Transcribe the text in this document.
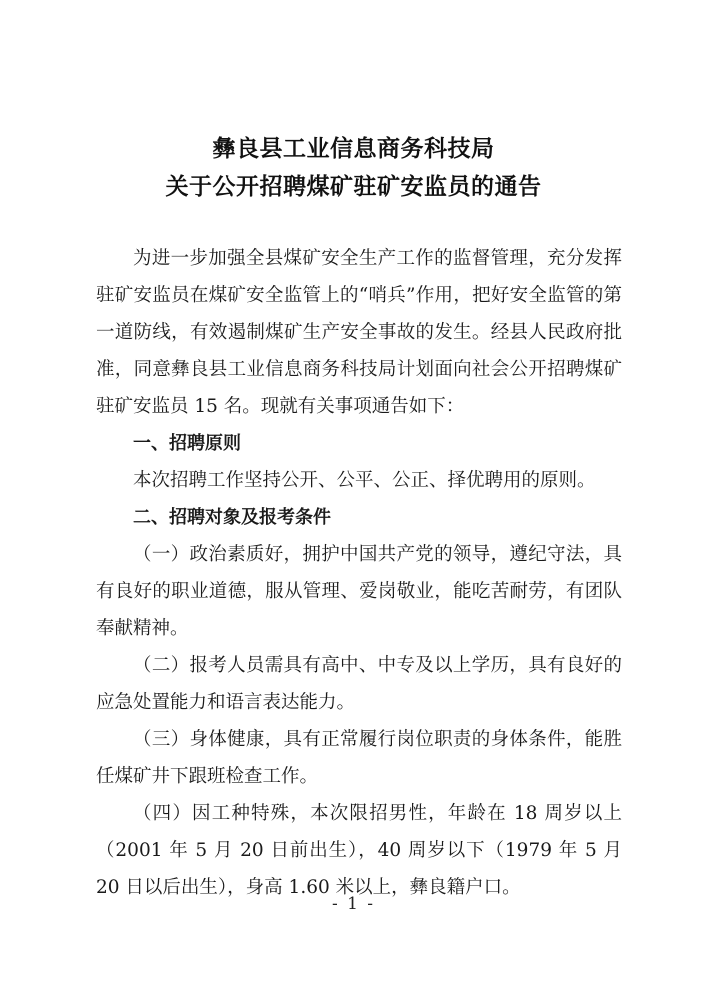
彝良县工业信息商务科技局
关于公开招聘煤矿驻矿安监员的通告

为进一步加强全县煤矿安全生产工作的监督管理，充分发挥驻矿安监员在煤矿安全监管上的“哨兵”作用，把好安全监管的第一道防线，有效遏制煤矿生产安全事故的发生。经县人民政府批准，同意彝良县工业信息商务科技局计划面向社会公开招聘煤矿驻矿安监员 15 名。现就有关事项通告如下：

一、招聘原则

本次招聘工作坚持公开、公平、公正、择优聘用的原则。

二、招聘对象及报考条件

（一）政治素质好，拥护中国共产党的领导，遵纪守法，具有良好的职业道德，服从管理、爱岗敬业，能吃苦耐劳，有团队奉献精神。

（二）报考人员需具有高中、中专及以上学历，具有良好的应急处置能力和语言表达能力。

（三）身体健康，具有正常履行岗位职责的身体条件，能胜任煤矿井下跟班检查工作。

（四）因工种特殊，本次限招男性，年龄在 18 周岁以上（2001 年 5 月 20 日前出生），40 周岁以下（1979 年 5 月 20 日以后出生），身高 1.60 米以上，彝良籍户口。

- 1 -
